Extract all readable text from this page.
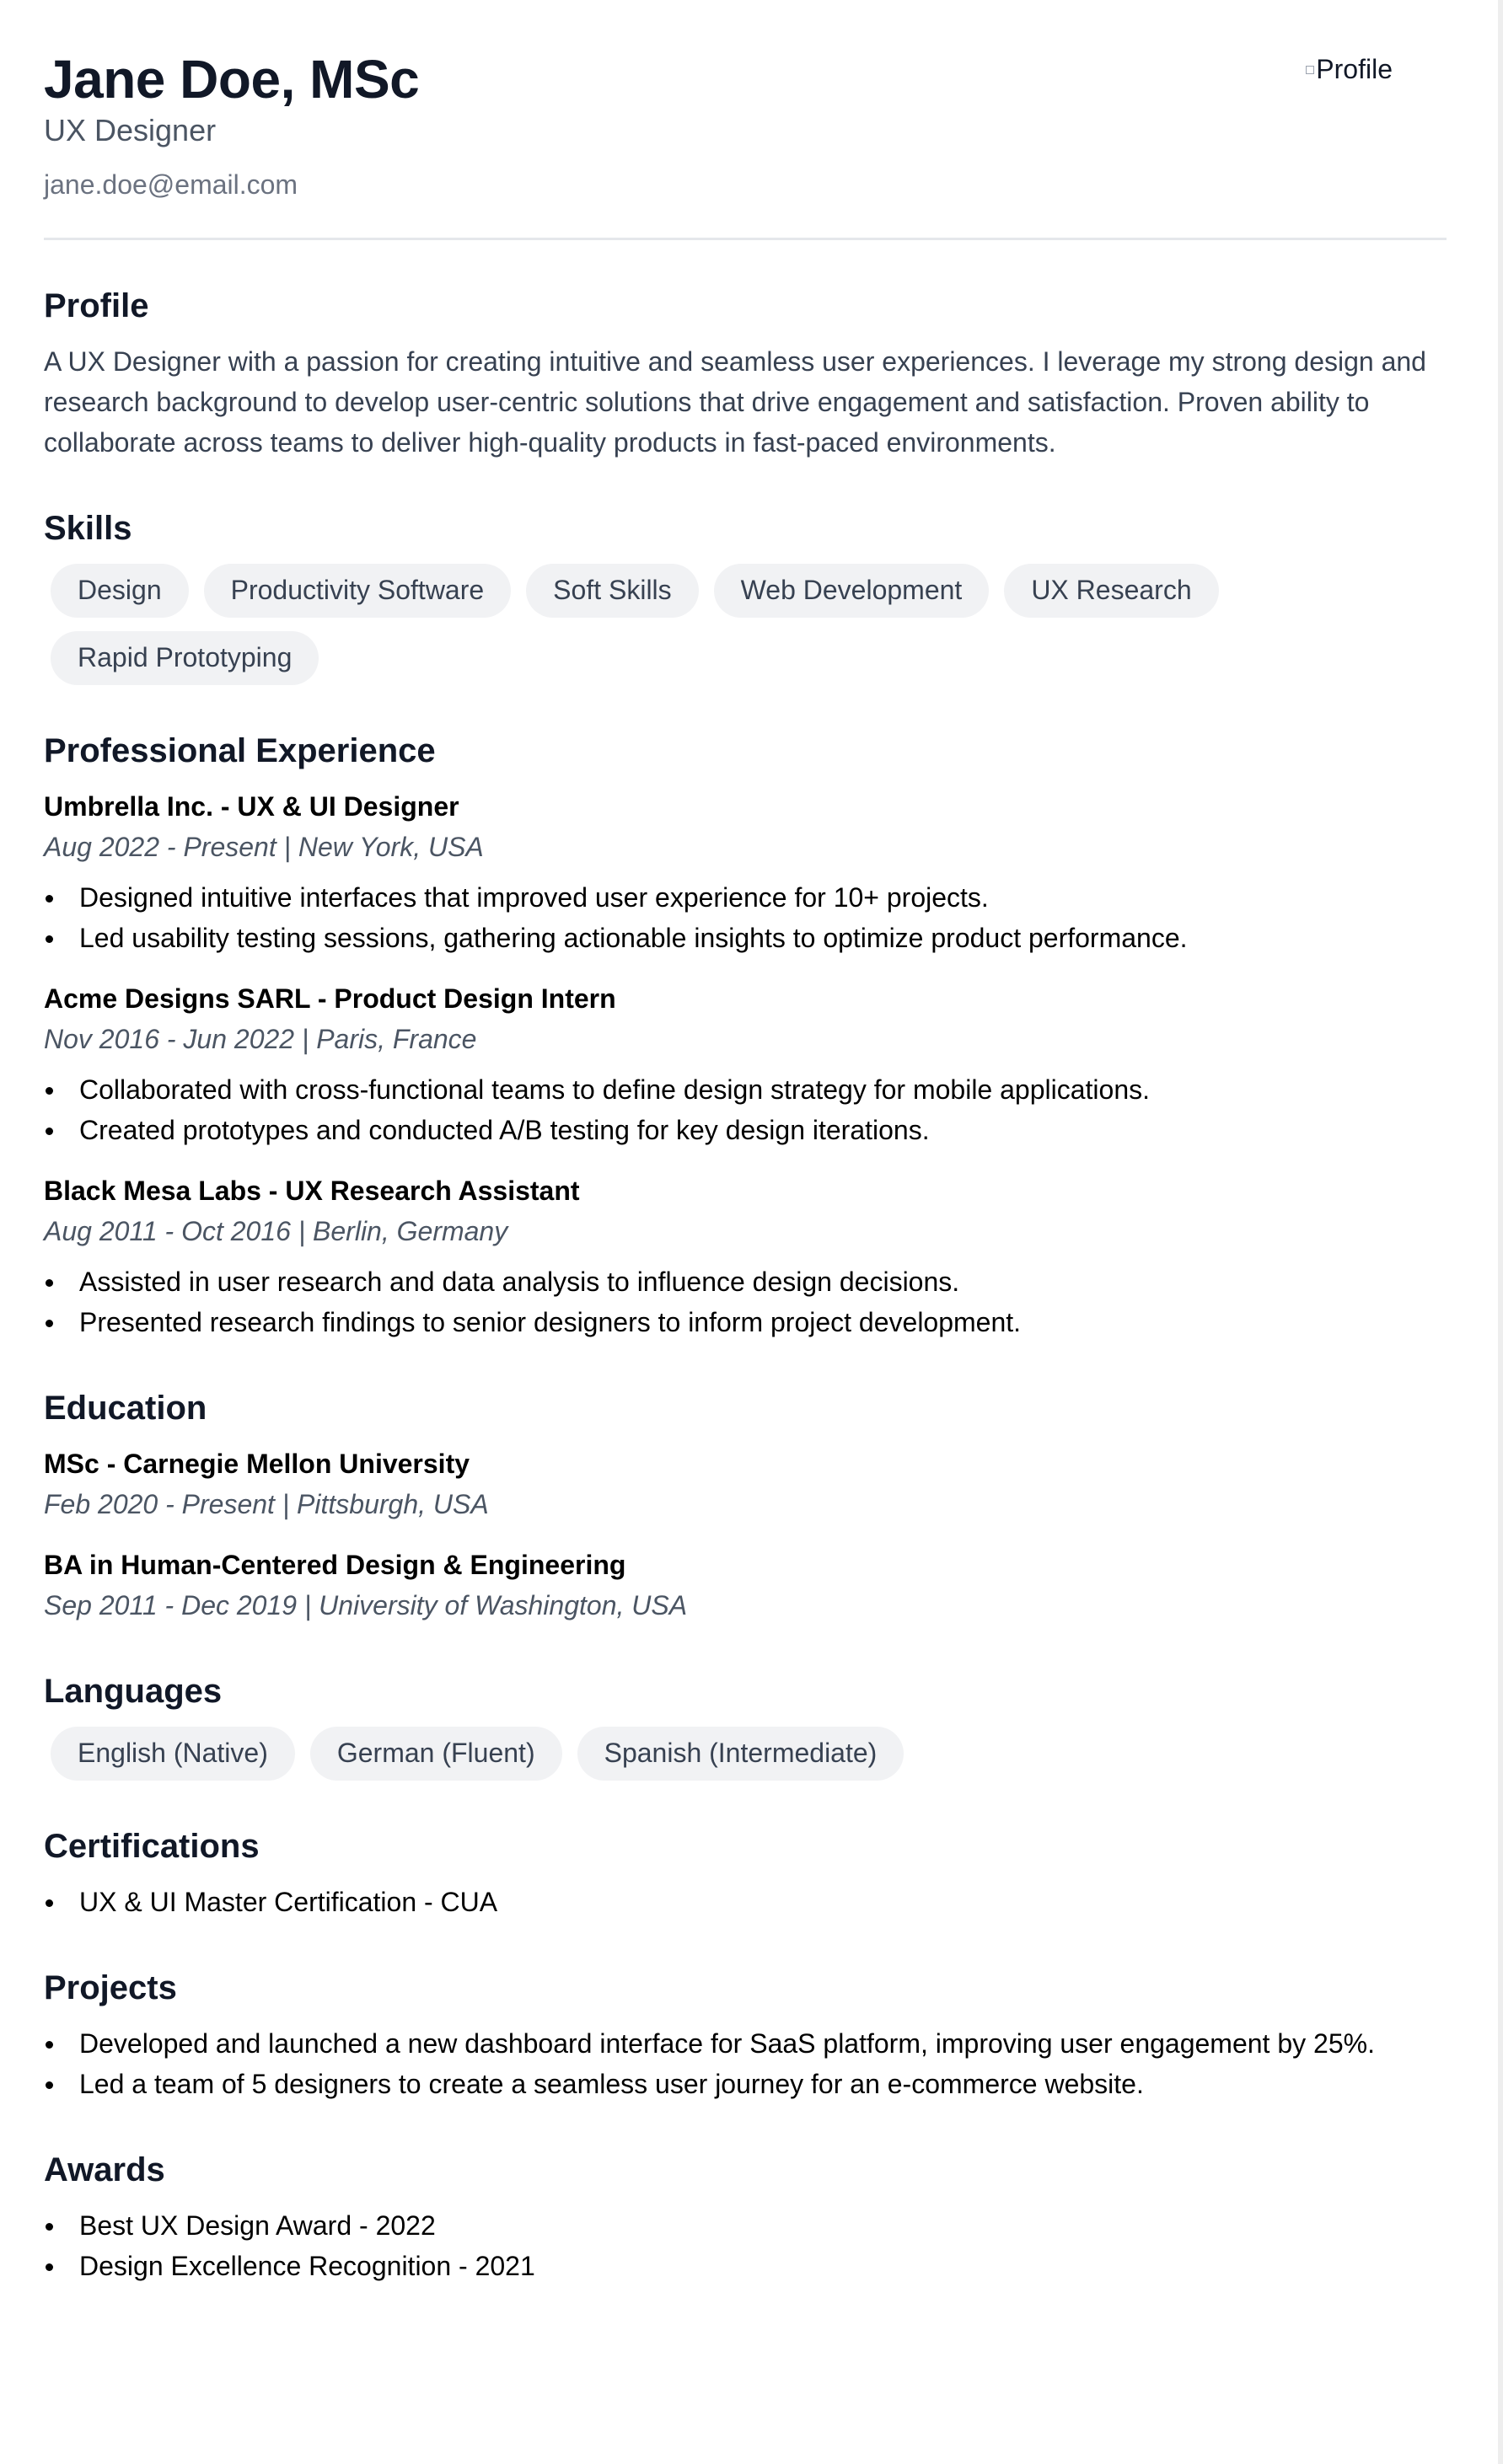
Jane Doe, MSc

UX Designer

jane.doe@email.com
Profile
Profile

A UX Designer with a passion for creating intuitive and seamless user experiences. I leverage my strong design and research background to develop user-centric solutions that drive engagement and satisfaction. Proven ability to collaborate across teams to deliver high-quality products in fast-paced environments.

Skills
Design	Productivity Software	Soft Skills	Web Development	UX Research
Rapid Prototyping
Professional Experience
Umbrella Inc. - UX & UI Designer
Aug 2022 - Present | New York, USA
Designed intuitive interfaces that improved user experience for 10+ projects.
Led usability testing sessions, gathering actionable insights to optimize product performance.
Acme Designs SARL - Product Design Intern
Nov 2016 - Jun 2022 | Paris, France
Collaborated with cross-functional teams to define design strategy for mobile applications.
Created prototypes and conducted A/B testing for key design iterations.
Black Mesa Labs - UX Research Assistant
Aug 2011 - Oct 2016 | Berlin, Germany
Assisted in user research and data analysis to influence design decisions.
Presented research findings to senior designers to inform project development.
Education
MSc - Carnegie Mellon University
Feb 2020 - Present | Pittsburgh, USA
BA in Human-Centered Design & Engineering
Sep 2011 - Dec 2019 | University of Washington, USA
Languages
English (Native)	German (Fluent)	Spanish (Intermediate)
Certifications
UX & UI Master Certification - CUA
Projects
Developed and launched a new dashboard interface for SaaS platform, improving user engagement by 25%.
Led a team of 5 designers to create a seamless user journey for an e-commerce website.
Awards
Best UX Design Award - 2022
Design Excellence Recognition - 2021
